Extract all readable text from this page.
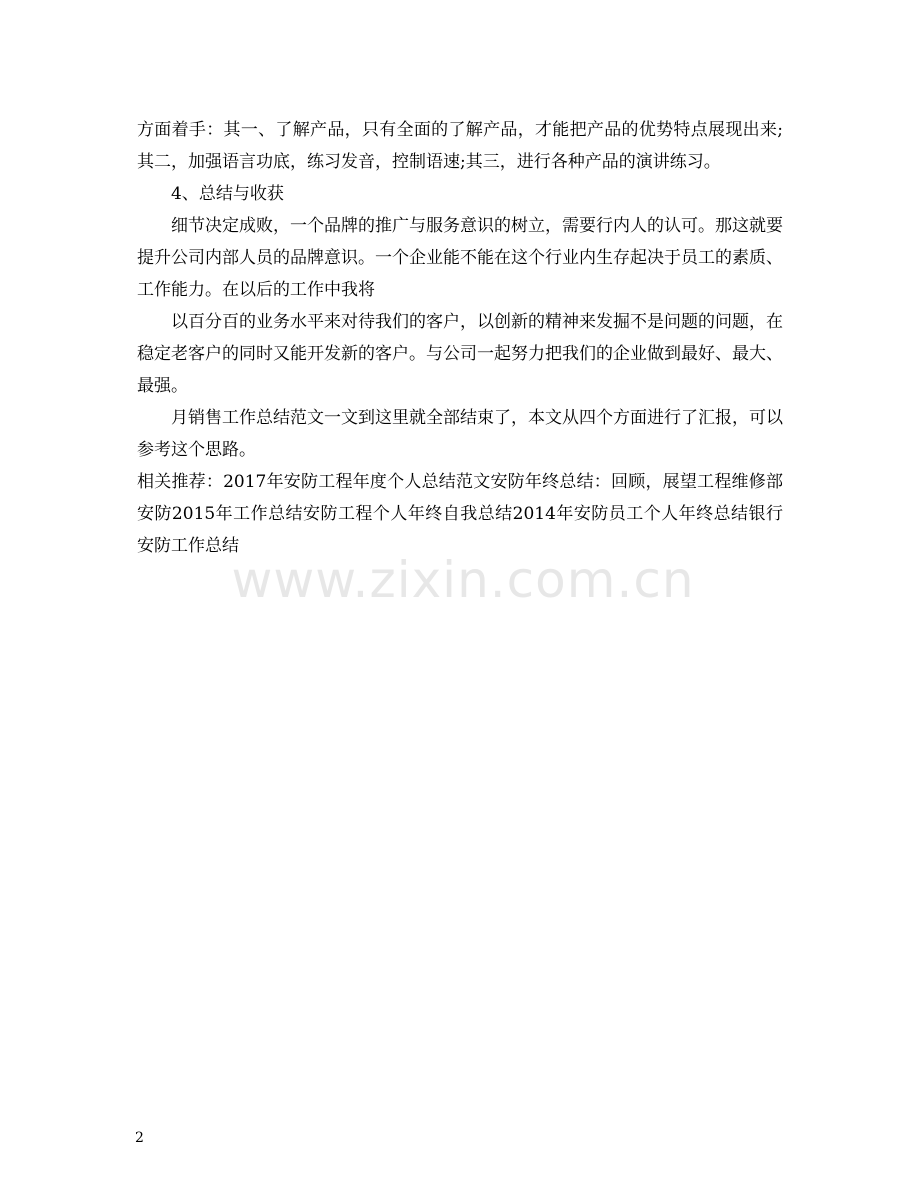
方面着手：其一、了解产品，只有全面的了解产品，才能把产品的优势特点展现出来;其二，加强语言功底，练习发音，控制语速;其三，进行各种产品的演讲练习。

4、总结与收获

细节决定成败，一个品牌的推广与服务意识的树立，需要行内人的认可。那这就要提升公司内部人员的品牌意识。一个企业能不能在这个行业内生存起决于员工的素质、工作能力。在以后的工作中我将

以百分百的业务水平来对待我们的客户，以创新的精神来发掘不是问题的问题，在稳定老客户的同时又能开发新的客户。与公司一起努力把我们的企业做到最好、最大、最强。

月销售工作总结范文一文到这里就全部结束了，本文从四个方面进行了汇报，可以参考这个思路。

相关推荐：2017年安防工程年度个人总结范文安防年终总结：回顾，展望工程维修部安防2015年工作总结安防工程个人年终自我总结2014年安防员工个人年终总结银行安防工作总结

www.zixin.com.cn
2
